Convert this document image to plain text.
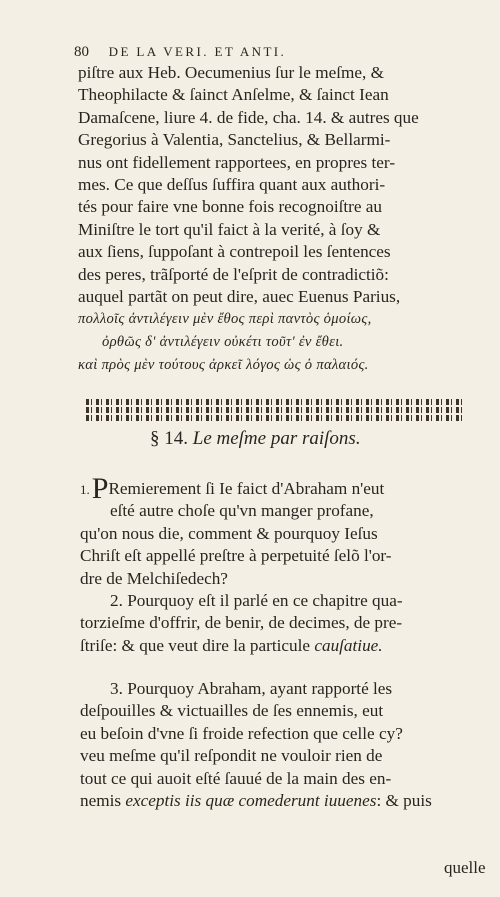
80 DE LA VERI. ET ANTI.
piſtre aux Heb. Oecumenius ſur le meſme, &
Theophilacte & ſainct Anſelme, & ſainct Iean
Damaſcene, liure 4. de fide, cha. 14. & autres que
Gregorius à Valentia, Sanctelius, & Bellarmi-
nus ont fidellement rapportees, en propres ter-
mes. Ce que deſſus ſuffira quant aux authori-
tés pour faire vne bonne fois recognoiſtre au
Miniſtre le tort qu'il faict à la verité, à ſoy &
aux ſiens, ſuppoſant à contrepoil les ſentences
des peres, trãſporté de l'eſprit de contradictiõ:
auquel partãt on peut dire, auec Euenus Parius,
πολλοῖς ἀντιλέγειν μὲν ἔθος περὶ παντὸς ὁμοίως,
ὀρθῶς δ' ἀντιλέγειν οὐκέτι τοῦτ' ἐν ἔθει.
καὶ πρὸς μὲν τούτους ἀρκεῖ λόγος ὡς ὁ παλαιός.
§ 14. Le meſme par raiſons.
1.PRemierement ſi Ie faict d'Abraham n'eut
eſté autre choſe qu'vn manger profane,
qu'on nous die, comment & pourquoy Ieſus
Chriſt eſt appellé preſtre à perpetuité ſelõ l'or-
dre de Melchiſedech?
2. Pourquoy eſt il parlé en ce chapitre qua-
torzieſme d'offrir, de benir, de decimes, de pre-
ſtriſe: & que veut dire la particule cauſatiue.
3. Pourquoy Abraham, ayant rapporté les
deſpouilles & victuailles de ſes ennemis, eut
eu beſoin d'vne ſi froide refection que celle cy?
veu meſme qu'il reſpondit ne vouloir rien de
tout ce qui auoit eſté ſauué de la main des en-
nemis exceptis iis quæ comederunt iuuenes: & puis
quelle
